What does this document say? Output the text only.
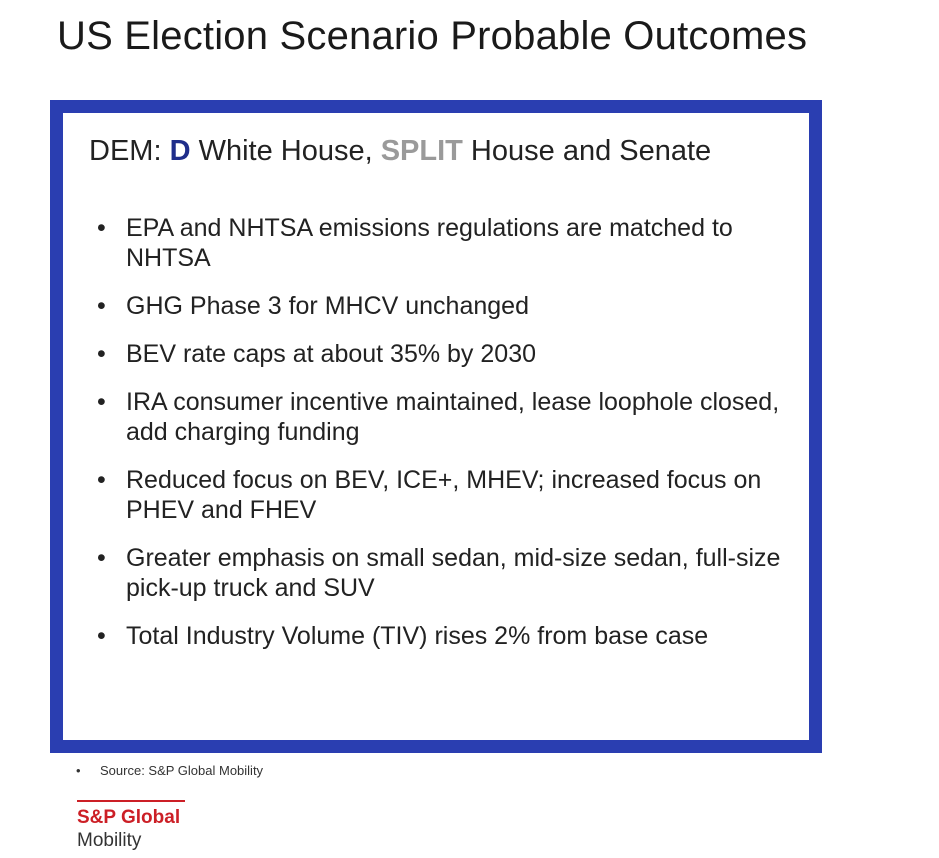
US Election Scenario Probable Outcomes
DEM: D White House, SPLIT House and Senate
• EPA and NHTSA emissions regulations are matched to NHTSA
• GHG Phase 3 for MHCV unchanged
• BEV rate caps at about 35% by 2030
• IRA consumer incentive maintained, lease loophole closed, add charging funding
• Reduced focus on BEV, ICE+, MHEV; increased focus on PHEV and FHEV
• Greater emphasis on small sedan, mid-size sedan, full-size pick-up truck and SUV
• Total Industry Volume (TIV) rises 2% from base case
• Source: S&P Global Mobility
S&P Global
Mobility
